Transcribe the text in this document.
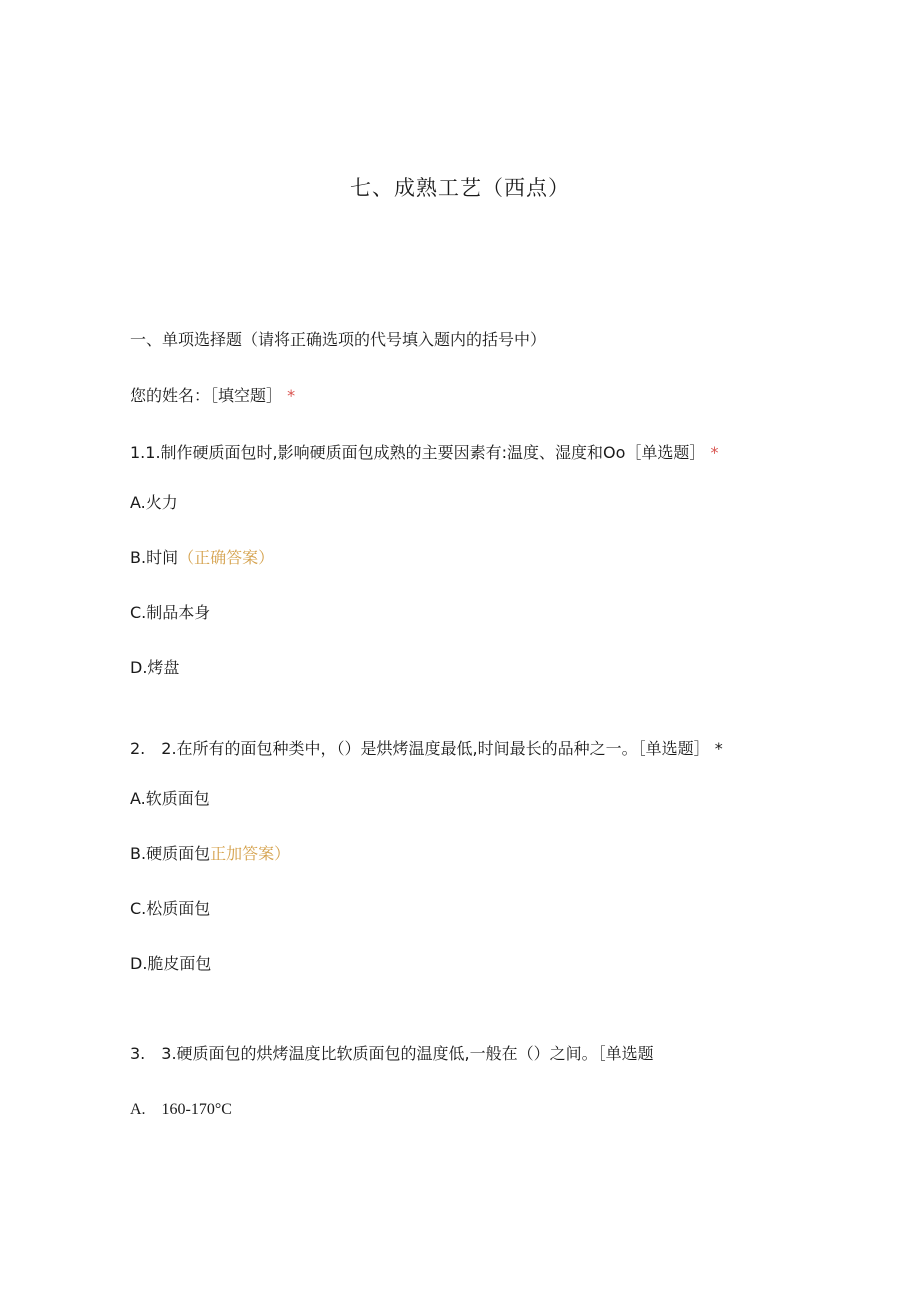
七、成熟工艺（西点）
一、单项选择题（请将正确选项的代号填入题内的括号中）
您的姓名：［填空题］ *
1.1.制作硬质面包时,影响硬质面包成熟的主要因素有:温度、湿度和Oo［单选题］ *
A.火力
B.时间（正确答案）
C.制品本身
D.烤盘
2.　2.在所有的面包种类中，（）是烘烤温度最低,时间最长的品种之一。［单选题］ *
A.软质面包
B.硬质面包正加答案）
C.松质面包
D.脆皮面包
3.　3.硬质面包的烘烤温度比软质面包的温度低,一般在（）之间。［单选题
A.　160-170°C
